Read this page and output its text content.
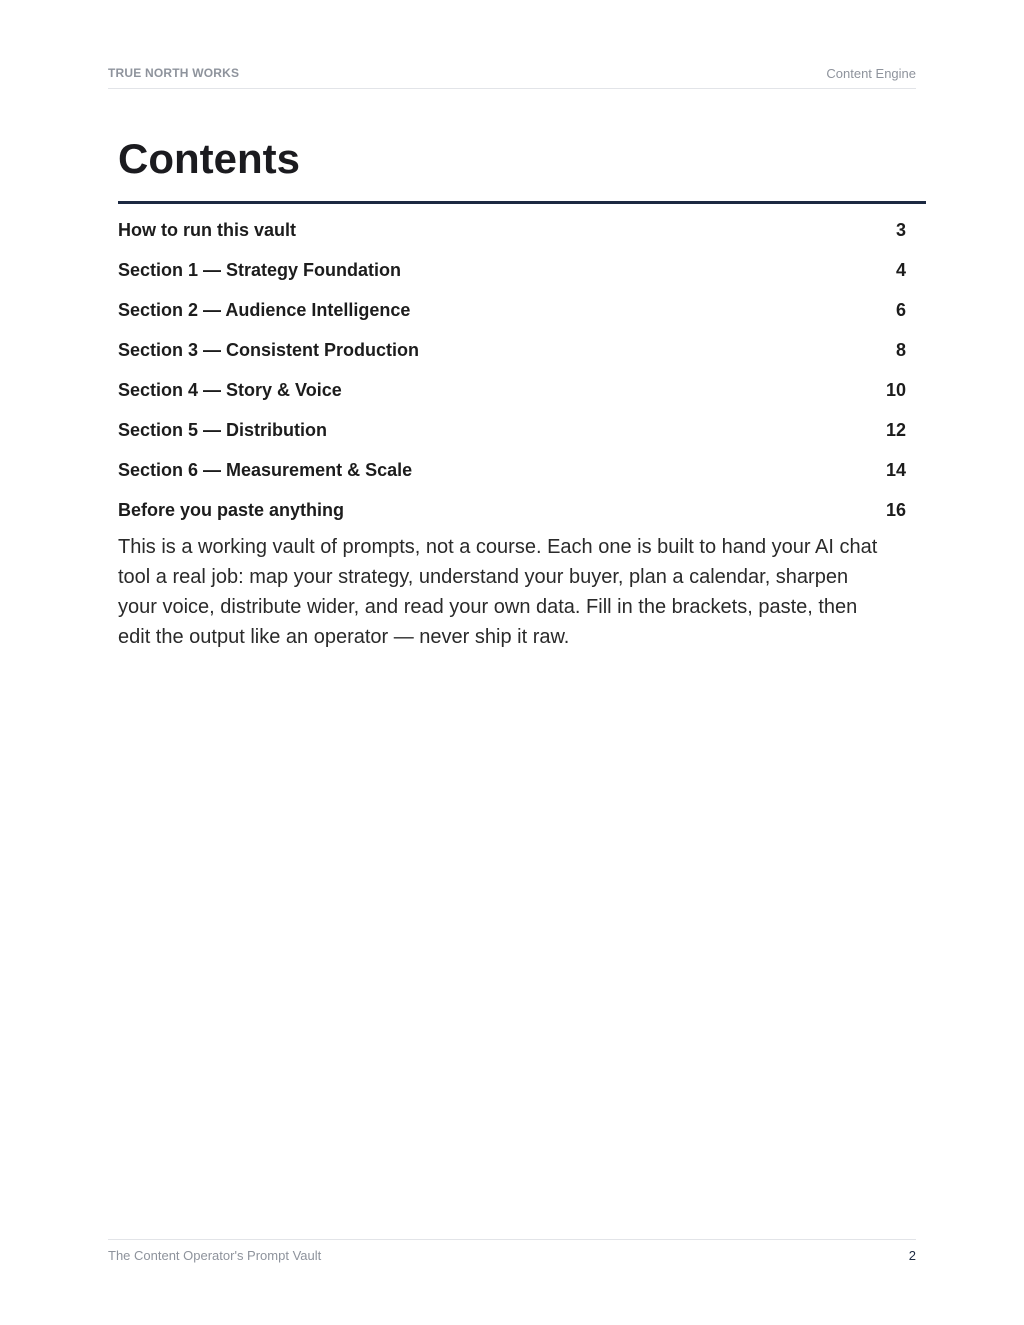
TRUE NORTH WORKS	Content Engine
Contents
How to run this vault	3
Section 1 — Strategy Foundation	4
Section 2 — Audience Intelligence	6
Section 3 — Consistent Production	8
Section 4 — Story & Voice	10
Section 5 — Distribution	12
Section 6 — Measurement & Scale	14
Before you paste anything	16

This is a working vault of prompts, not a course. Each one is built to hand your AI chat tool a real job: map your strategy, understand your buyer, plan a calendar, sharpen your voice, distribute wider, and read your own data. Fill in the brackets, paste, then edit the output like an operator — never ship it raw.

The Content Operator's Prompt Vault	2
